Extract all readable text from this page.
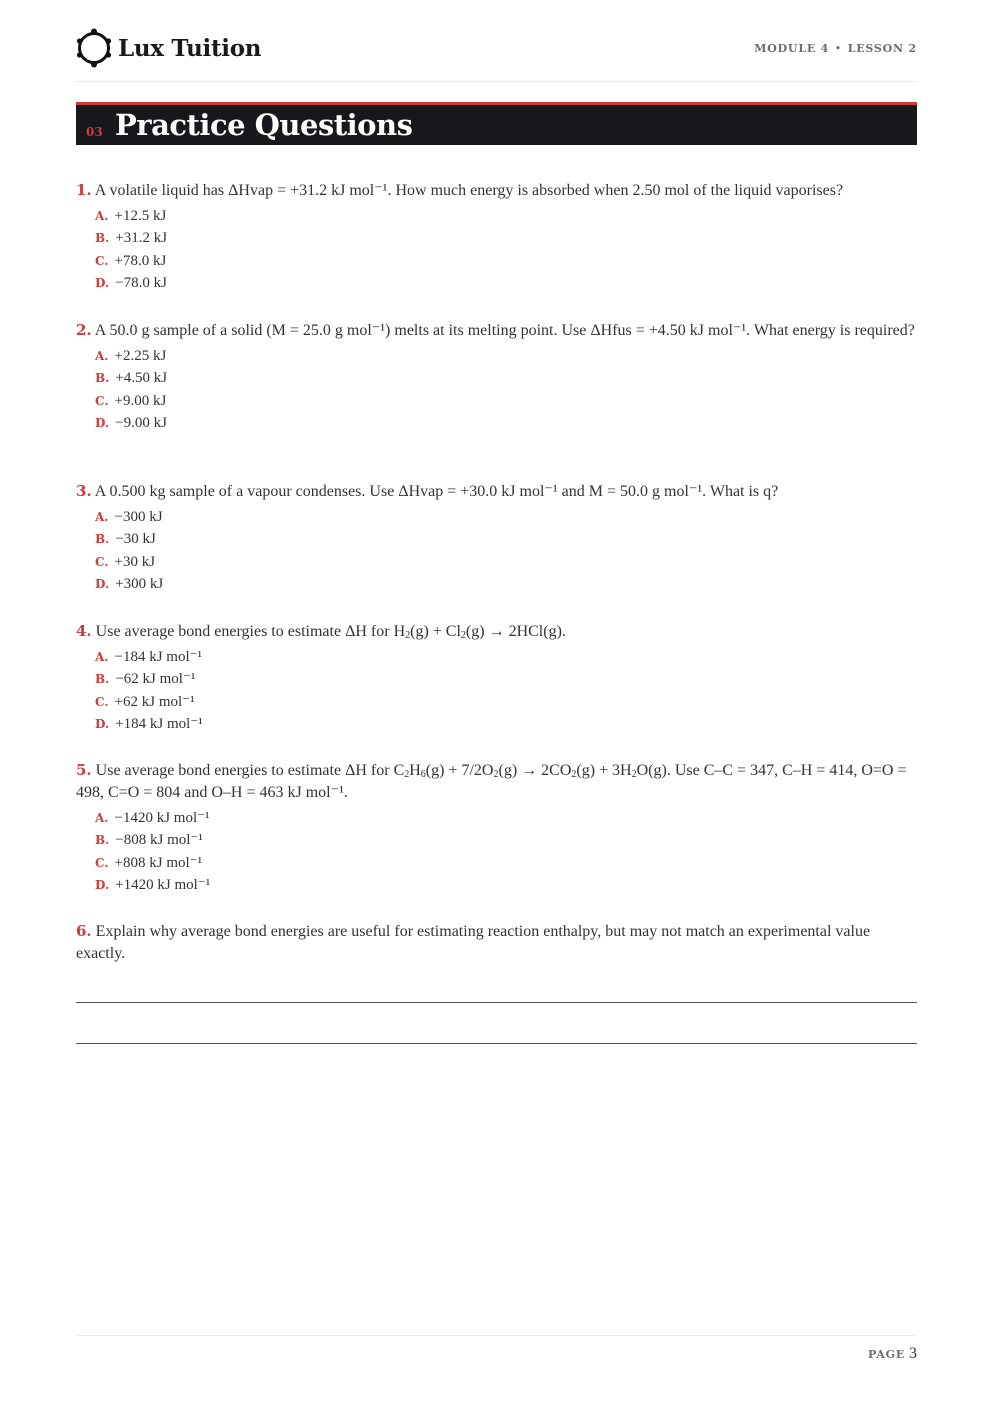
Lux Tuition	MODULE 4 • LESSON 2
03 Practice Questions

1. A volatile liquid has ΔHvap = +31.2 kJ mol⁻¹. How much energy is absorbed when 2.50 mol of the liquid vaporises?

A. +12.5 kJ
B. +31.2 kJ
C. +78.0 kJ
D. −78.0 kJ

2. A 50.0 g sample of a solid (M = 25.0 g mol⁻¹) melts at its melting point. Use ΔHfus = +4.50 kJ mol⁻¹. What energy is required?

A. +2.25 kJ
B. +4.50 kJ
C. +9.00 kJ
D. −9.00 kJ

3. A 0.500 kg sample of a vapour condenses. Use ΔHvap = +30.0 kJ mol⁻¹ and M = 50.0 g mol⁻¹. What is q?

A. −300 kJ
B. −30 kJ
C. +30 kJ
D. +300 kJ

4. Use average bond energies to estimate ΔH for $H_2(g) + Cl_2(g) \to 2HCl(g)$.

A. −184 kJ mol⁻¹
B. −62 kJ mol⁻¹
C. +62 kJ mol⁻¹
D. +184 kJ mol⁻¹

5. Use average bond energies to estimate ΔH for $C_2H_6(g) + 7/2O_2(g) \to 2CO_2(g) + 3H_2O(g)$. Use C–C = 347, C–H = 414, O=O = 498, C=O = 804 and O–H = 463 kJ mol⁻¹.

A. −1420 kJ mol⁻¹
B. −808 kJ mol⁻¹
C. +808 kJ mol⁻¹
D. +1420 kJ mol⁻¹

6. Explain why average bond energies are useful for estimating reaction enthalpy, but may not match an experimental value exactly.

PAGE 3
